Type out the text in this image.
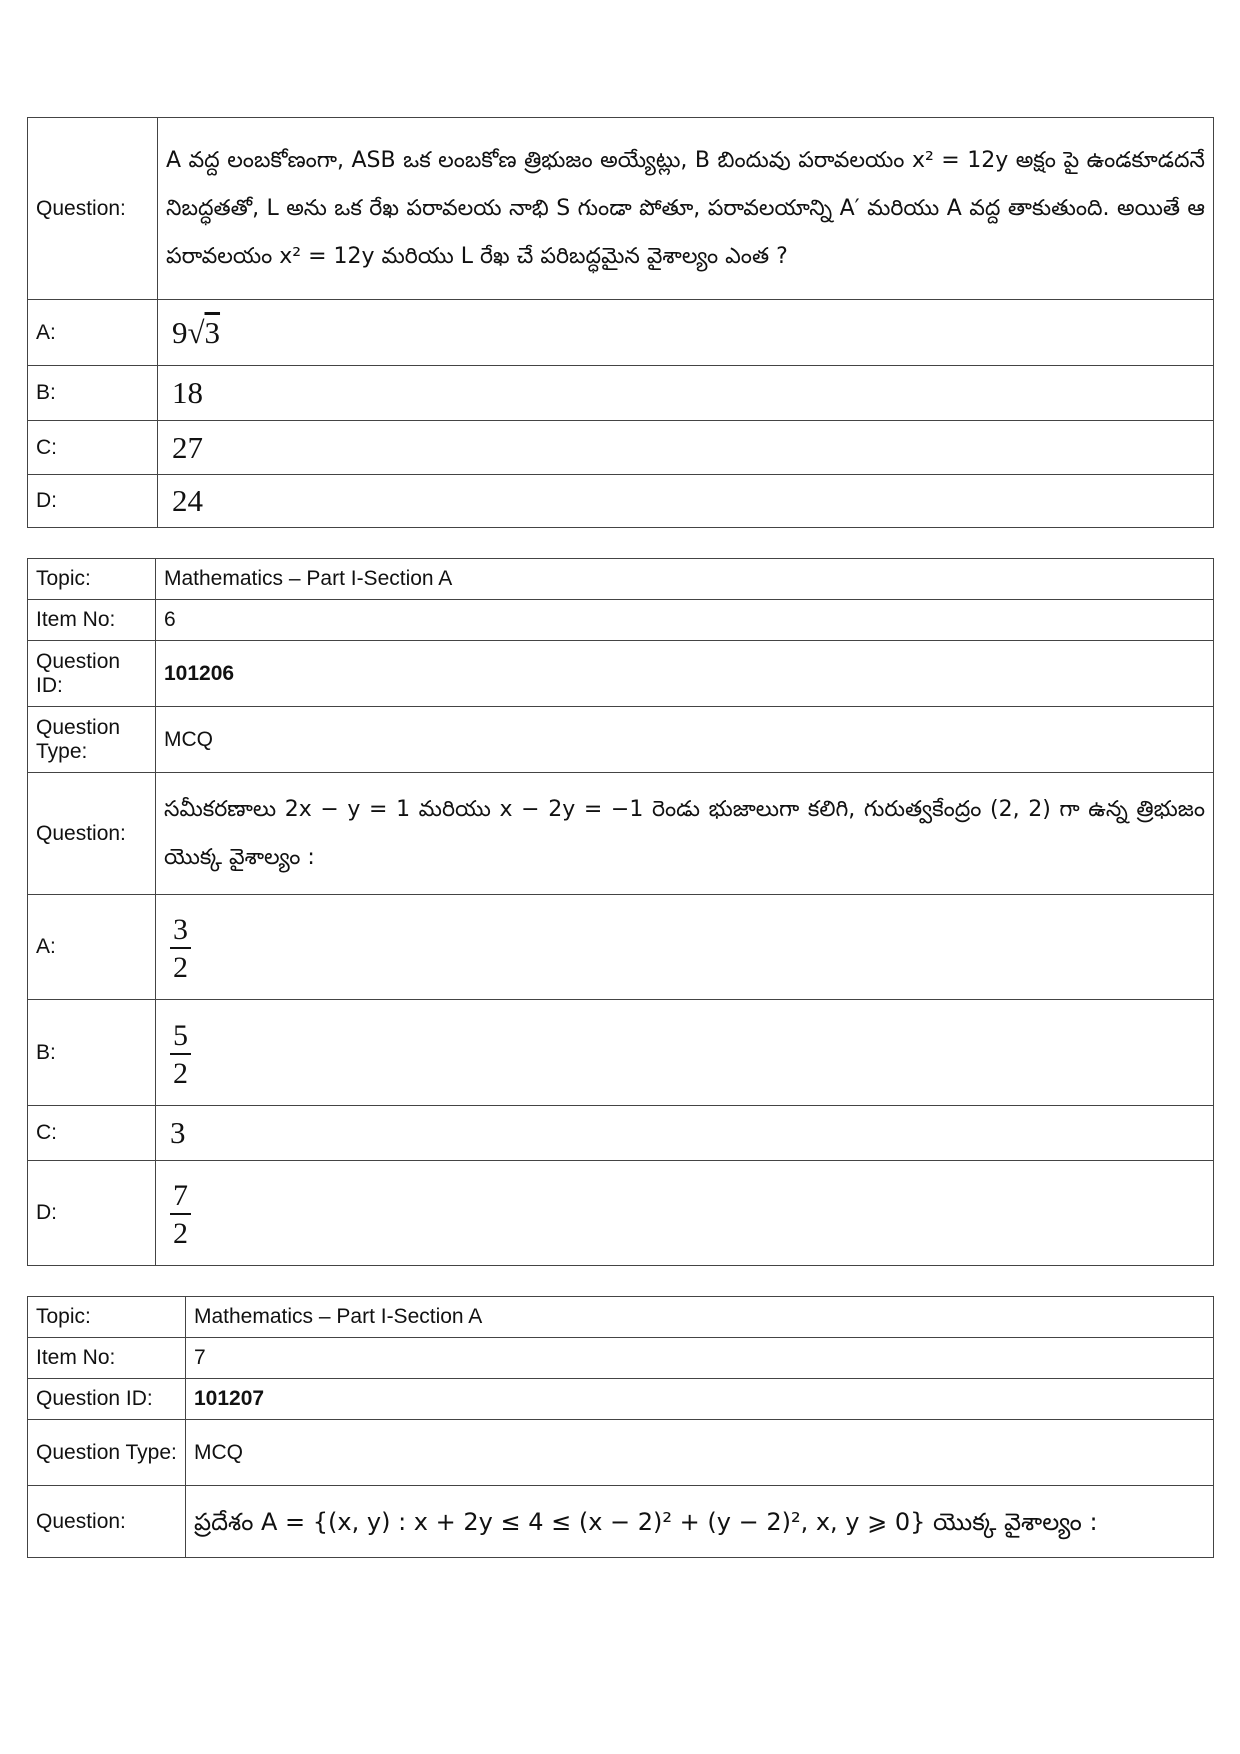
Question:	A వద్ద లంబకోణంగా, ASB ఒక లంబకోణ త్రిభుజం అయ్యేట్లు, B బిందువు పరావలయం x² = 12y అక్షం పై ఉండకూడదనే నిబద్ధతతో, L అను ఒక రేఖ పరావలయ నాభి S గుండా పోతూ, పరావలయాన్ని A′ మరియు A వద్ద తాకుతుంది. అయితే ఆ పరావలయం x² = 12y మరియు L రేఖ చే పరిబద్ధమైన వైశాల్యం ఎంత ?
A:	9√3
B:	18
C:	27
D:	24
Topic:	Mathematics – Part I-Section A
Item No:	6
Question ID:	101206
Question Type:	MCQ
Question:	సమీకరణాలు 2x − y = 1 మరియు x − 2y = −1 రెండు భుజాలుగా కలిగి, గురుత్వకేంద్రం (2, 2) గా ఉన్న త్రిభుజం యొక్క వైశాల్యం :
A:	$\frac{3}{2}$

B:	$\frac{5}{2}$

C:	3
D:	$\frac{7}{2}$
Topic:	Mathematics – Part I-Section A
Item No:	7
Question ID:	101207
Question Type:	MCQ
Question:	ప్రదేశం A = {(x, y) : x + 2y ≤ 4 ≤ (x − 2)² + (y − 2)², x, y ⩾ 0} యొక్క వైశాల్యం :
